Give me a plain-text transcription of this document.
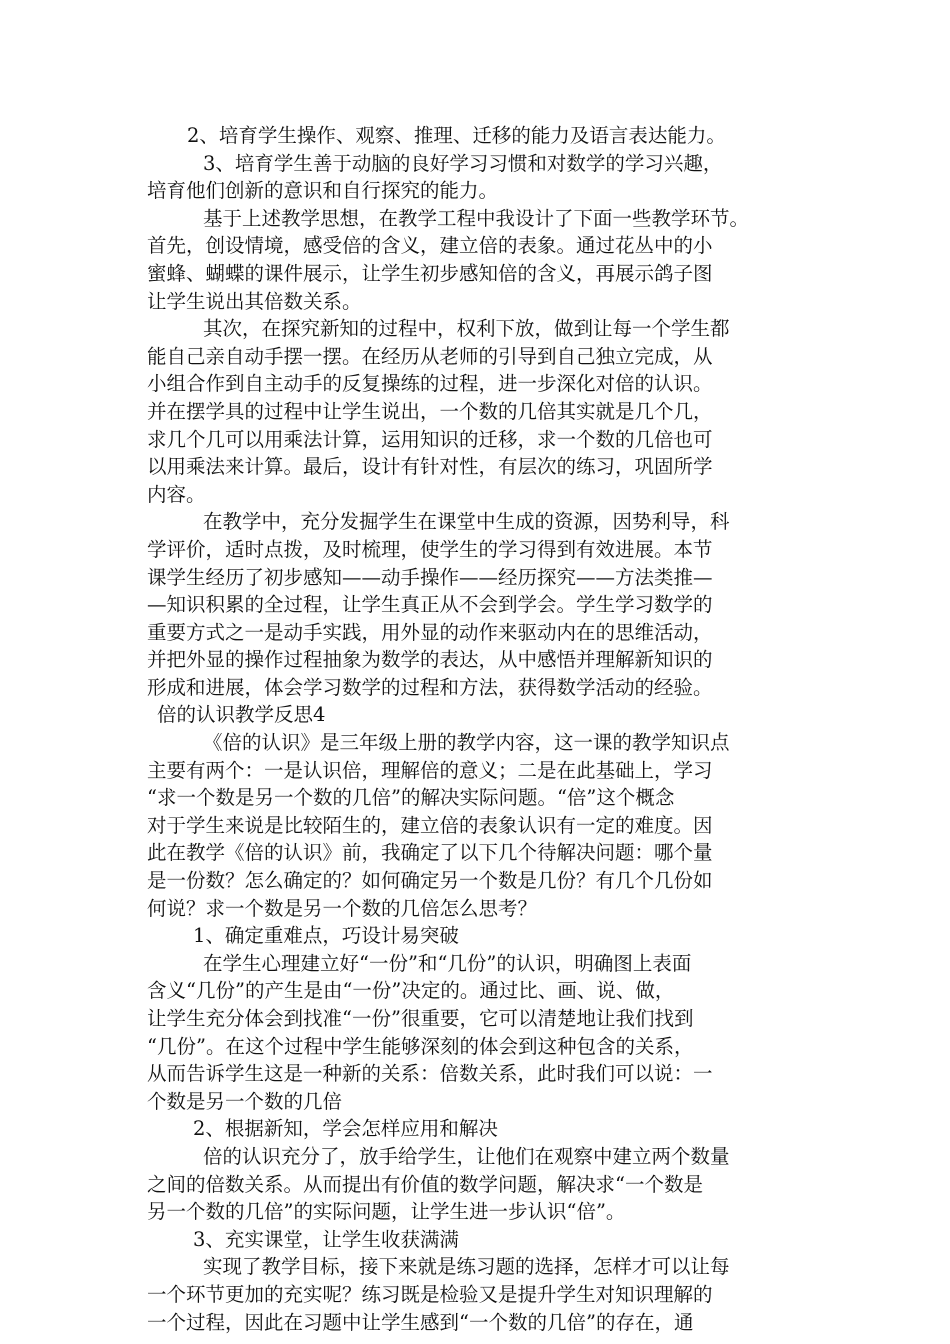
2、培育学生操作、观察、推理、迁移的能力及语言表达能力。
3、培育学生善于动脑的良好学习习惯和对数学的学习兴趣，
培育他们创新的意识和自行探究的能力。
基于上述教学思想，在教学工程中我设计了下面一些教学环节。
首先，创设情境，感受倍的含义，建立倍的表象。通过花丛中的小
蜜蜂、蝴蝶的课件展示，让学生初步感知倍的含义，再展示鸽子图
让学生说出其倍数关系。
其次，在探究新知的过程中，权利下放，做到让每一个学生都
能自己亲自动手摆一摆。在经历从老师的引导到自己独立完成，从
小组合作到自主动手的反复操练的过程，进一步深化对倍的认识。
并在摆学具的过程中让学生说出，一个数的几倍其实就是几个几，
求几个几可以用乘法计算，运用知识的迁移，求一个数的几倍也可
以用乘法来计算。最后，设计有针对性，有层次的练习，巩固所学
内容。
在教学中，充分发掘学生在课堂中生成的资源，因势利导，科
学评价，适时点拨，及时梳理，使学生的学习得到有效进展。本节
课学生经历了初步感知——动手操作——经历探究——方法类推—
—知识积累的全过程，让学生真正从不会到学会。学生学习数学的
重要方式之一是动手实践，用外显的动作来驱动内在的思维活动，
并把外显的操作过程抽象为数学的表达，从中感悟并理解新知识的
形成和进展，体会学习数学的过程和方法，获得数学活动的经验。
倍的认识教学反思4
《倍的认识》是三年级上册的教学内容，这一课的教学知识点
主要有两个：一是认识倍，理解倍的意义；二是在此基础上，学习
“求一个数是另一个数的几倍”的解决实际问题。“倍”这个概念
对于学生来说是比较陌生的，建立倍的表象认识有一定的难度。因
此在教学《倍的认识》前，我确定了以下几个待解决问题：哪个量
是一份数？怎么确定的？如何确定另一个数是几份？有几个几份如
何说？求一个数是另一个数的几倍怎么思考？
1、确定重难点，巧设计易突破
在学生心理建立好“一份”和“几份”的认识，明确图上表面
含义“几份”的产生是由“一份”决定的。通过比、画、说、做，
让学生充分体会到找准“一份”很重要，它可以清楚地让我们找到
“几份”。在这个过程中学生能够深刻的体会到这种包含的关系，
从而告诉学生这是一种新的关系：倍数关系，此时我们可以说：一
个数是另一个数的几倍
2、根据新知，学会怎样应用和解决
倍的认识充分了，放手给学生，让他们在观察中建立两个数量
之间的倍数关系。从而提出有价值的数学问题，解决求“一个数是
另一个数的几倍”的实际问题，让学生进一步认识“倍”。
3、充实课堂，让学生收获满满
实现了教学目标，接下来就是练习题的选择，怎样才可以让每
一个环节更加的充实呢？练习既是检验又是提升学生对知识理解的
一个过程，因此在习题中让学生感到“一个数的几倍”的存在，通
